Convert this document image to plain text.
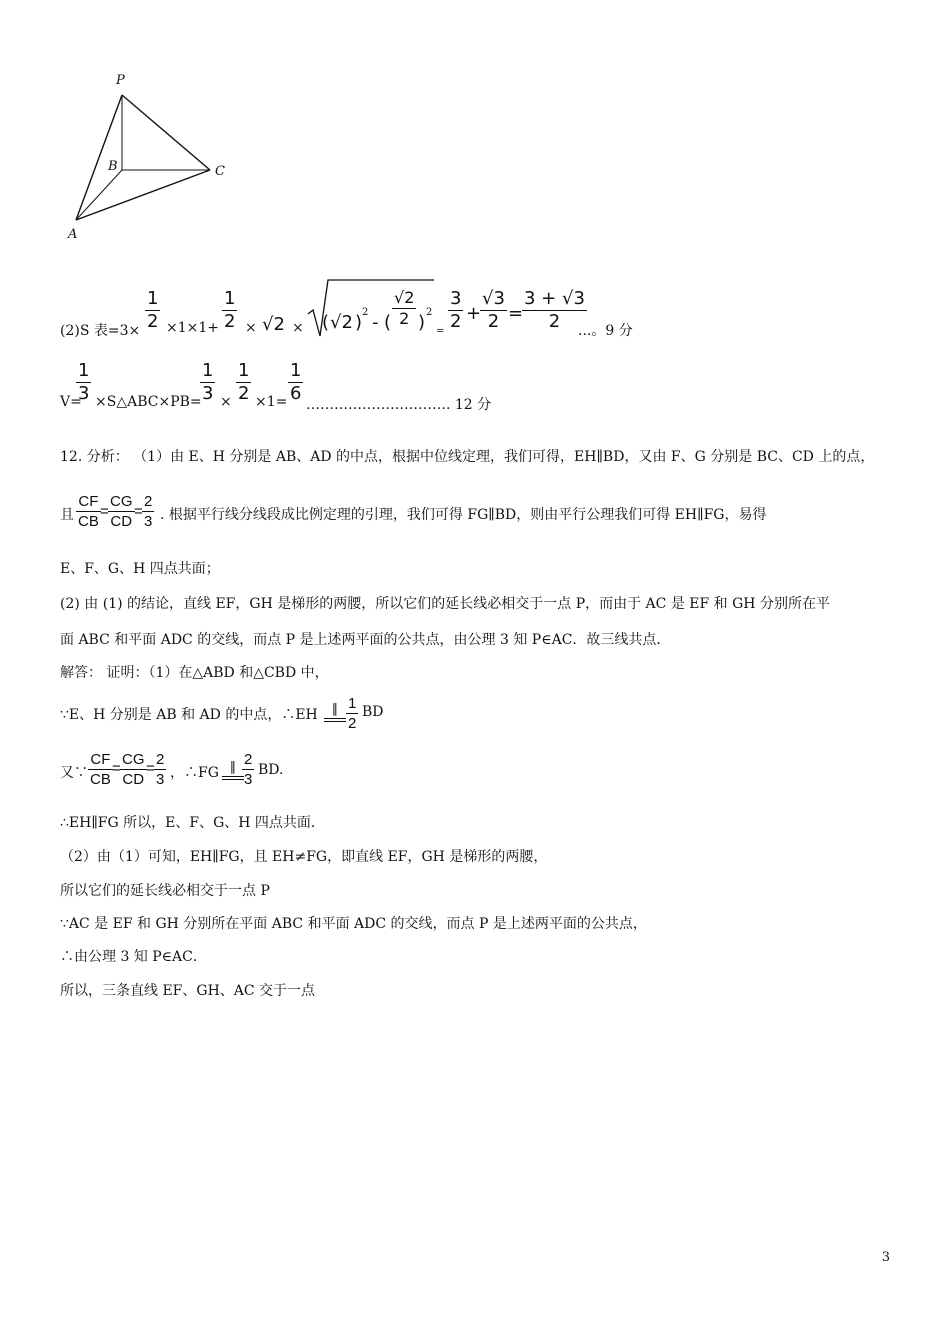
P
B	C
A
(2)S 表=3×
1
2 ×1×1+
1
2 × √2 × ( √2 ) 2 - (
√2
2 ) 2
=
3
2 +
√3
2 =
3 + √3
2 ...。9 分
V=
1
3 ×S△ABC×PB=
1
3 ×
1
2 ×1=
1
6
…………………………. 12 分
12. 分析： （1）由 E、H 分别是 AB、AD 的中点，根据中位线定理，我们可得，EH∥BD，又由 F、G 分别是 BC、CD 上的点，
且
CF
CB
=
CG
CD
=
2
3 . 根据平行线分线段成比例定理的引理，我们可得 FG∥BD，则由平行公理我们可得 EH∥FG，易得
E、F、G、H 四点共面；
(2) 由 (1) 的结论，直线 EF，GH 是梯形的两腰，所以它们的延长线必相交于一点 P，而由于 AC 是 EF 和 GH 分别所在平
面 ABC 和平面 ADC 的交线，而点 P 是上述两平面的公共点，由公理 3 知 P∈AC．故三线共点．
解答： 证明：（1）在△ABD 和△CBD 中，
∵E、H 分别是 AB 和 AD 的中点，∴EH	∥ 1
2
BD
又∵
CF
CB
=
CG
CD
=
2
3 ，∴FG ∥ 2
3
BD.
∴EH∥FG 所以，E、F、G、H 四点共面．
（2）由（1）可知，EH∥FG，且 EH≠FG，即直线 EF，GH 是梯形的两腰，
所以它们的延长线必相交于一点 P
∵AC 是 EF 和 GH 分别所在平面 ABC 和平面 ADC 的交线，而点 P 是上述两平面的公共点，
∴由公理 3 知 P∈AC．
所以，三条直线 EF、GH、AC 交于一点
3
